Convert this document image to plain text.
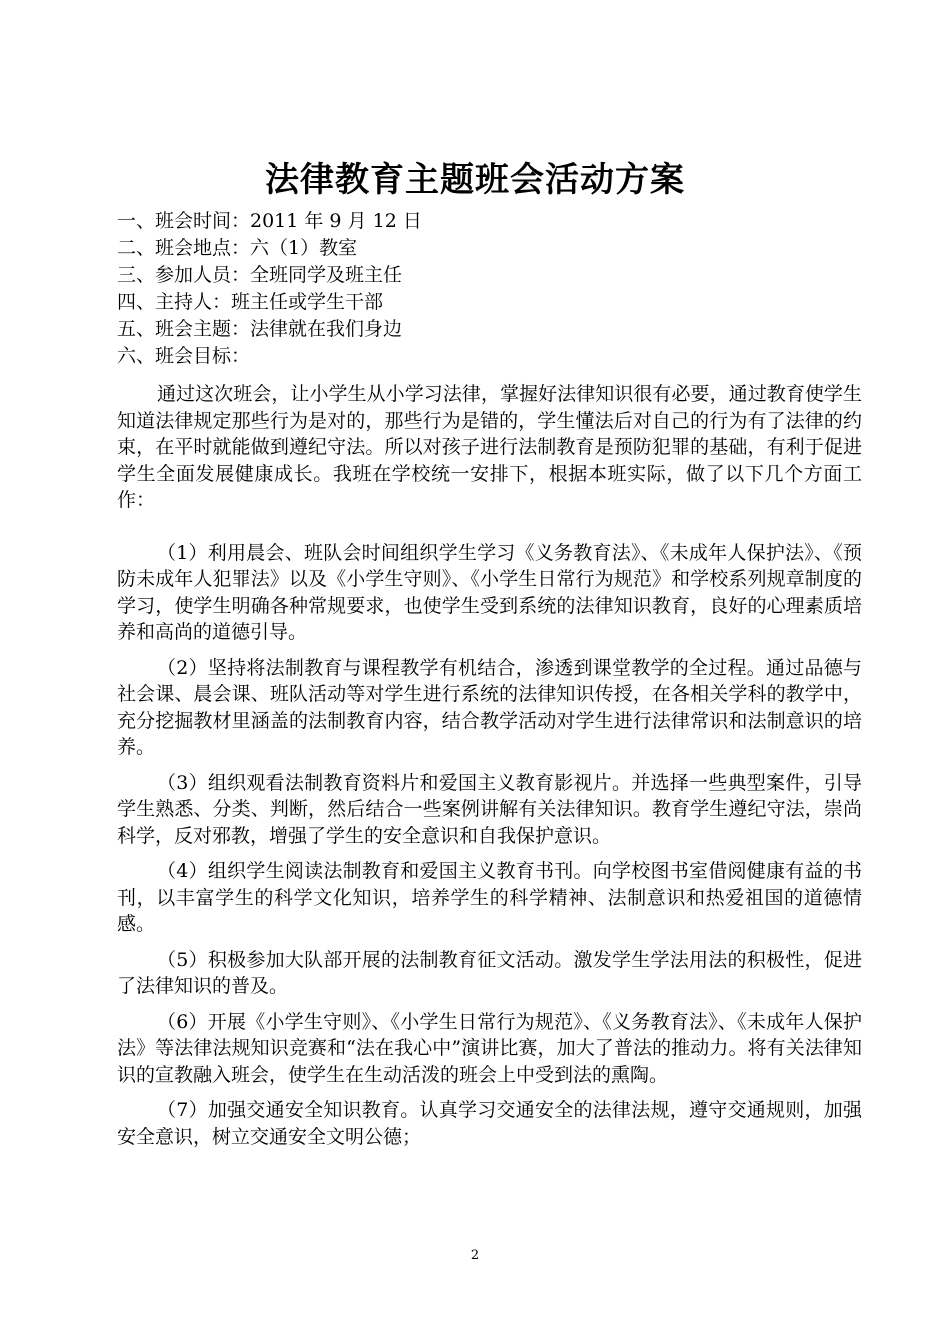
法律教育主题班会活动方案
一、班会时间：2011 年 9 月 12 日
二、班会地点：六（1）教室
三、参加人员：全班同学及班主任
四、主持人：班主任或学生干部
五、班会主题：法律就在我们身边
六、班会目标：

通过这次班会，让小学生从小学习法律，掌握好法律知识很有必要，通过教育使学生知道法律规定那些行为是对的，那些行为是错的，学生懂法后对自己的行为有了法律的约束，在平时就能做到遵纪守法。所以对孩子进行法制教育是预防犯罪的基础，有利于促进学生全面发展健康成长。我班在学校统一安排下，根据本班实际，做了以下几个方面工作：

（1）利用晨会、班队会时间组织学生学习《义务教育法》、《未成年人保护法》、《预防未成年人犯罪法》以及《小学生守则》、《小学生日常行为规范》和学校系列规章制度的学习，使学生明确各种常规要求，也使学生受到系统的法律知识教育，良好的心理素质培养和高尚的道德引导。

（2）坚持将法制教育与课程教学有机结合，渗透到课堂教学的全过程。通过品德与社会课、晨会课、班队活动等对学生进行系统的法律知识传授，在各相关学科的教学中，充分挖掘教材里涵盖的法制教育内容，结合教学活动对学生进行法律常识和法制意识的培养。

（3）组织观看法制教育资料片和爱国主义教育影视片。并选择一些典型案件，引导学生熟悉、分类、判断，然后结合一些案例讲解有关法律知识。教育学生遵纪守法，崇尚科学，反对邪教，增强了学生的安全意识和自我保护意识。

（4）组织学生阅读法制教育和爱国主义教育书刊。向学校图书室借阅健康有益的书刊，以丰富学生的科学文化知识，培养学生的科学精神、法制意识和热爱祖国的道德情感。

（5）积极参加大队部开展的法制教育征文活动。激发学生学法用法的积极性，促进了法律知识的普及。

（6）开展《小学生守则》、《小学生日常行为规范》、《义务教育法》、《未成年人保护法》等法律法规知识竞赛和“法在我心中”演讲比赛，加大了普法的推动力。将有关法律知识的宣教融入班会，使学生在生动活泼的班会上中受到法的熏陶。

（7）加强交通安全知识教育。认真学习交通安全的法律法规，遵守交通规则，加强安全意识，树立交通安全文明公德；

2
